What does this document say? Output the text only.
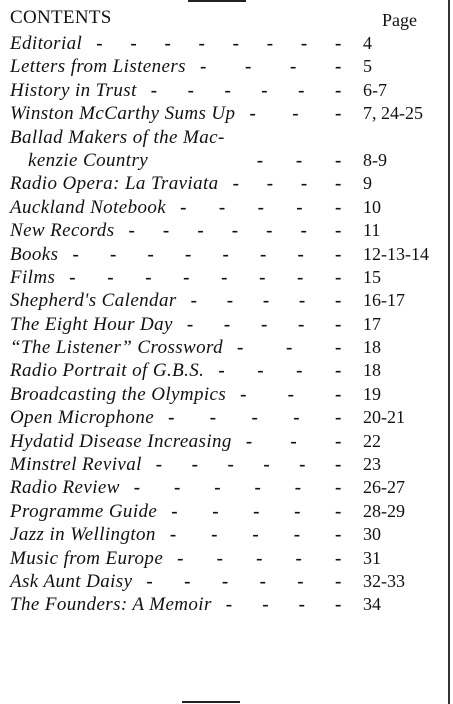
CONTENTS	Page
Editorial	4
- - - - - - - -
Letters from Listeners	5
- - - -
History in Trust	6-7
- - - - - -
Winston McCarthy Sums Up	7, 24-25
- - -
Ballad Makers of the Mac-
kenzie Country	8-9
- - -
Radio Opera: La Traviata	9
- - - -
Auckland Notebook	10
- - - - -
New Records	11
- - - - - - -
Books	12-13-14
- - - - - - - -
Films	15
- - - - - - - -
Shepherd's Calendar	16-17
- - - - -
The Eight Hour Day	17
- - - - -
“The Listener” Crossword	18
- - -
Radio Portrait of G.B.S.	18
- - - -
Broadcasting the Olympics	19
- - -
Open Microphone	20-21
- - - - -
Hydatid Disease Increasing	22
- - -
Minstrel Revival	23
- - - - - -
Radio Review	26-27
- - - - - -
Programme Guide	28-29
- - - - -
Jazz in Wellington	30
- - - - -
Music from Europe	31
- - - - -
Ask Aunt Daisy	32-33
- - - - - -
The Founders: A Memoir	34
- - - -
